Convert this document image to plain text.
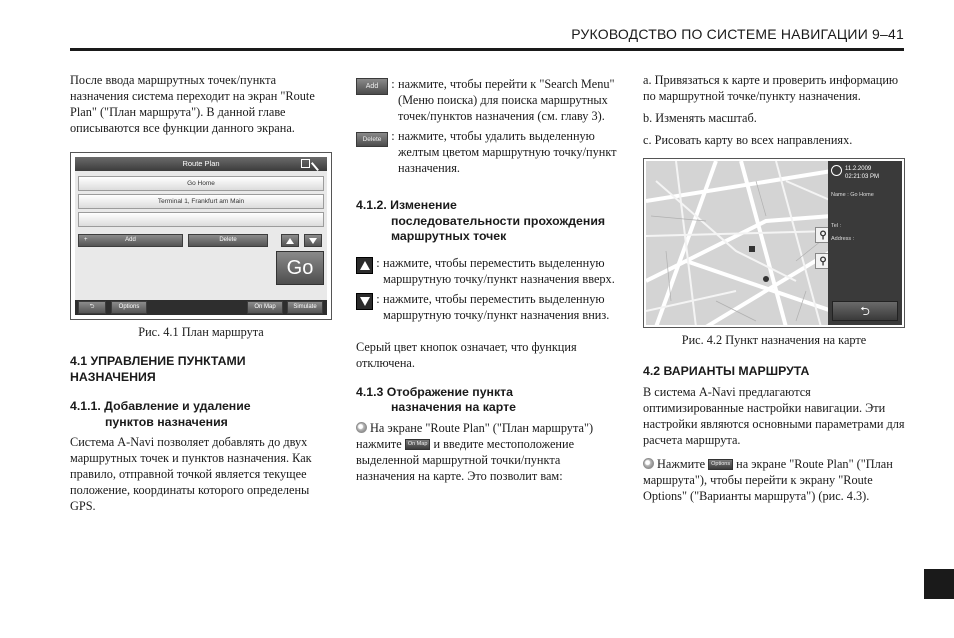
РУКОВОДСТВО ПО СИСТЕМЕ НАВИГАЦИИ 9–41
После ввода маршрутных точек/пункта назначения система переходит на экран "Route Plan" ("План маршрута"). В данной главе описываются все функции данного экрана.
Route Plan
Go Home
Terminal 1, Frankfurt am Main
+	Add	Delete
Go
⮌	Options	On Map	Simulate
Рис. 4.1 План маршрута
4.1 УПРАВЛЕНИЕ ПУНКТАМИ НАЗНАЧЕНИЯ
4.1.1. Добавление и удаление
пунктов назначения
Система A-Navi позволяет добавлять до двух маршрутных точек и пунктов назначения. Как правило, отправной точкой является текущее положение, координаты которого определены GPS.
Add : нажмите, чтобы перейти к "Search Menu" (Меню поиска) для поиска маршрутных точек/пунктов назначения (см. главу 3).
Delete : нажмите, чтобы удалить выделенную желтым цветом маршрутную точку/пункт назначения.
4.1.2. Изменение
последовательности прохождения маршрутных точек
: нажмите, чтобы переместить выделенную маршрутную точку/пункт назначения вверх.
: нажмите, чтобы переместить выделенную маршрутную точку/пункт назначения вниз.
Серый цвет кнопок означает, что функция отключена.
4.1.3 Отображение пункта
назначения на карте
На экране "Route Plan" ("План маршрута") нажмите On Map и введите местоположение выделенной маршрутной точки/пункта назначения на карте. Это позволит вам:
a. Привязаться к карте и проверить информацию по маршрутной точке/пункту назначения.
b. Изменять масштаб.
c. Рисовать карту во всех направлениях.
⚲
⚲
11.2.2009
02:21:03 PM
Name : Go Home
Tel :
Address :
⮌
Рис. 4.2 Пункт назначения на карте
4.2 ВАРИАНТЫ МАРШРУТА
В система A-Navi предлагаются оптимизированные настройки навигации. Эти настройки являются основными параметрами для расчета маршрута.
Нажмите Options на экране "Route Plan" ("План маршрута"), чтобы перейти к экрану "Route Options" ("Варианты маршрута") (рис. 4.3).
